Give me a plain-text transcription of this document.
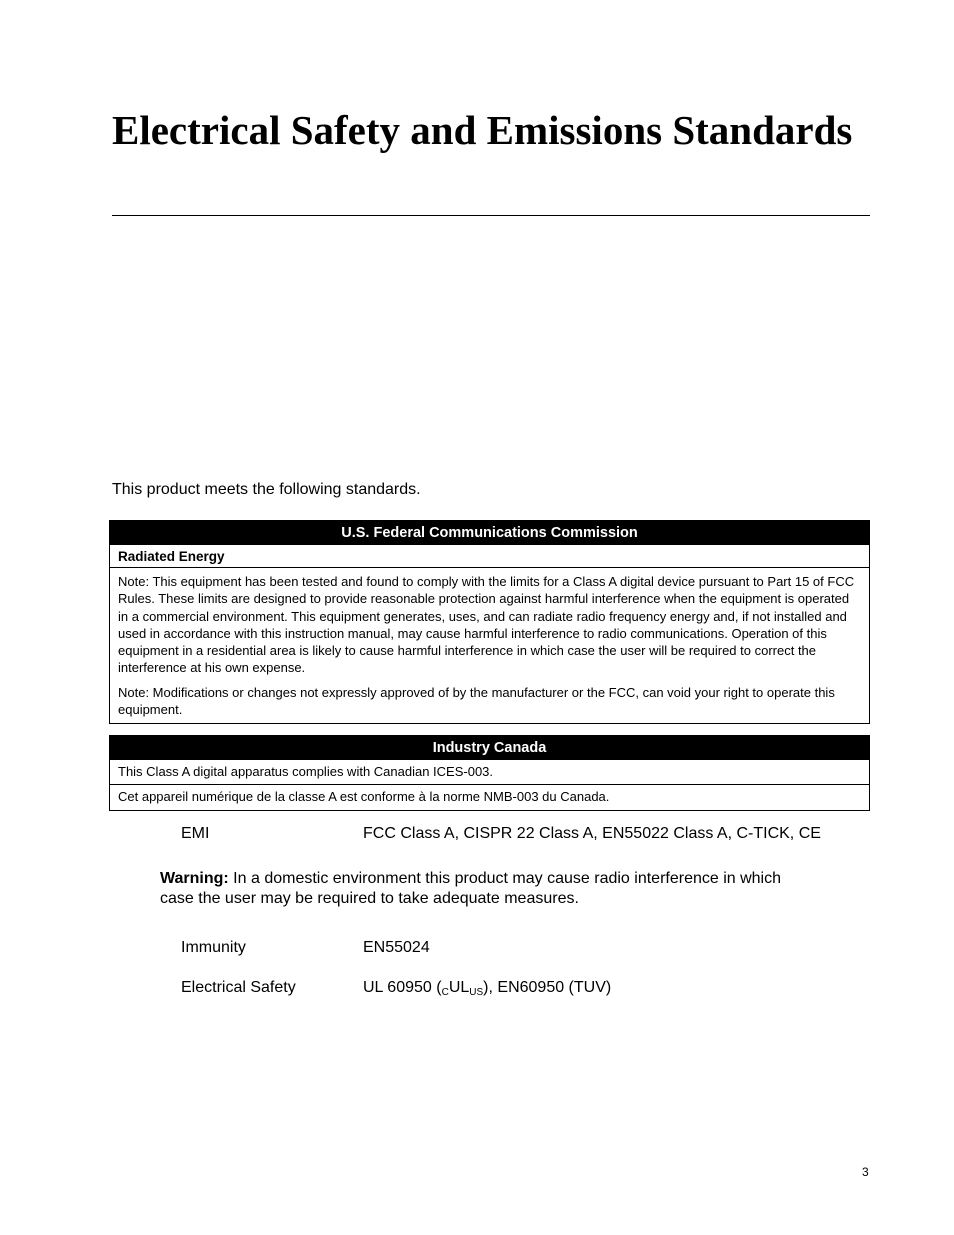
Electrical Safety and Emissions Standards

This product meets the following standards.

U.S. Federal Communications Commission
Radiated Energy

Note: This equipment has been tested and found to comply with the limits for a Class A digital device pursuant to Part 15 of FCC Rules. These limits are designed to provide reasonable protection against harmful interference when the equipment is operated in a commercial environment. This equipment generates, uses, and can radiate radio frequency energy and, if not installed and used in accordance with this instruction manual, may cause harmful interference to radio communications. Operation of this equipment in a residential area is likely to cause harmful interference in which case the user will be required to correct the interference at his own expense.

Note: Modifications or changes not expressly approved of by the manufacturer or the FCC, can void your right to operate this equipment.

Industry Canada

This Class A digital apparatus complies with Canadian ICES-003.

Cet appareil numérique de la classe A est conforme à la norme NMB-003 du Canada.

EMI	FCC Class A, CISPR 22 Class A, EN55022 Class A, C-TICK, CE

Warning: In a domestic environment this product may cause radio interference in which case the user may be required to take adequate measures.

Immunity	EN55024

Electrical Safety	UL 60950 $(_CUL_{US})$, EN60950 (TUV)

3
